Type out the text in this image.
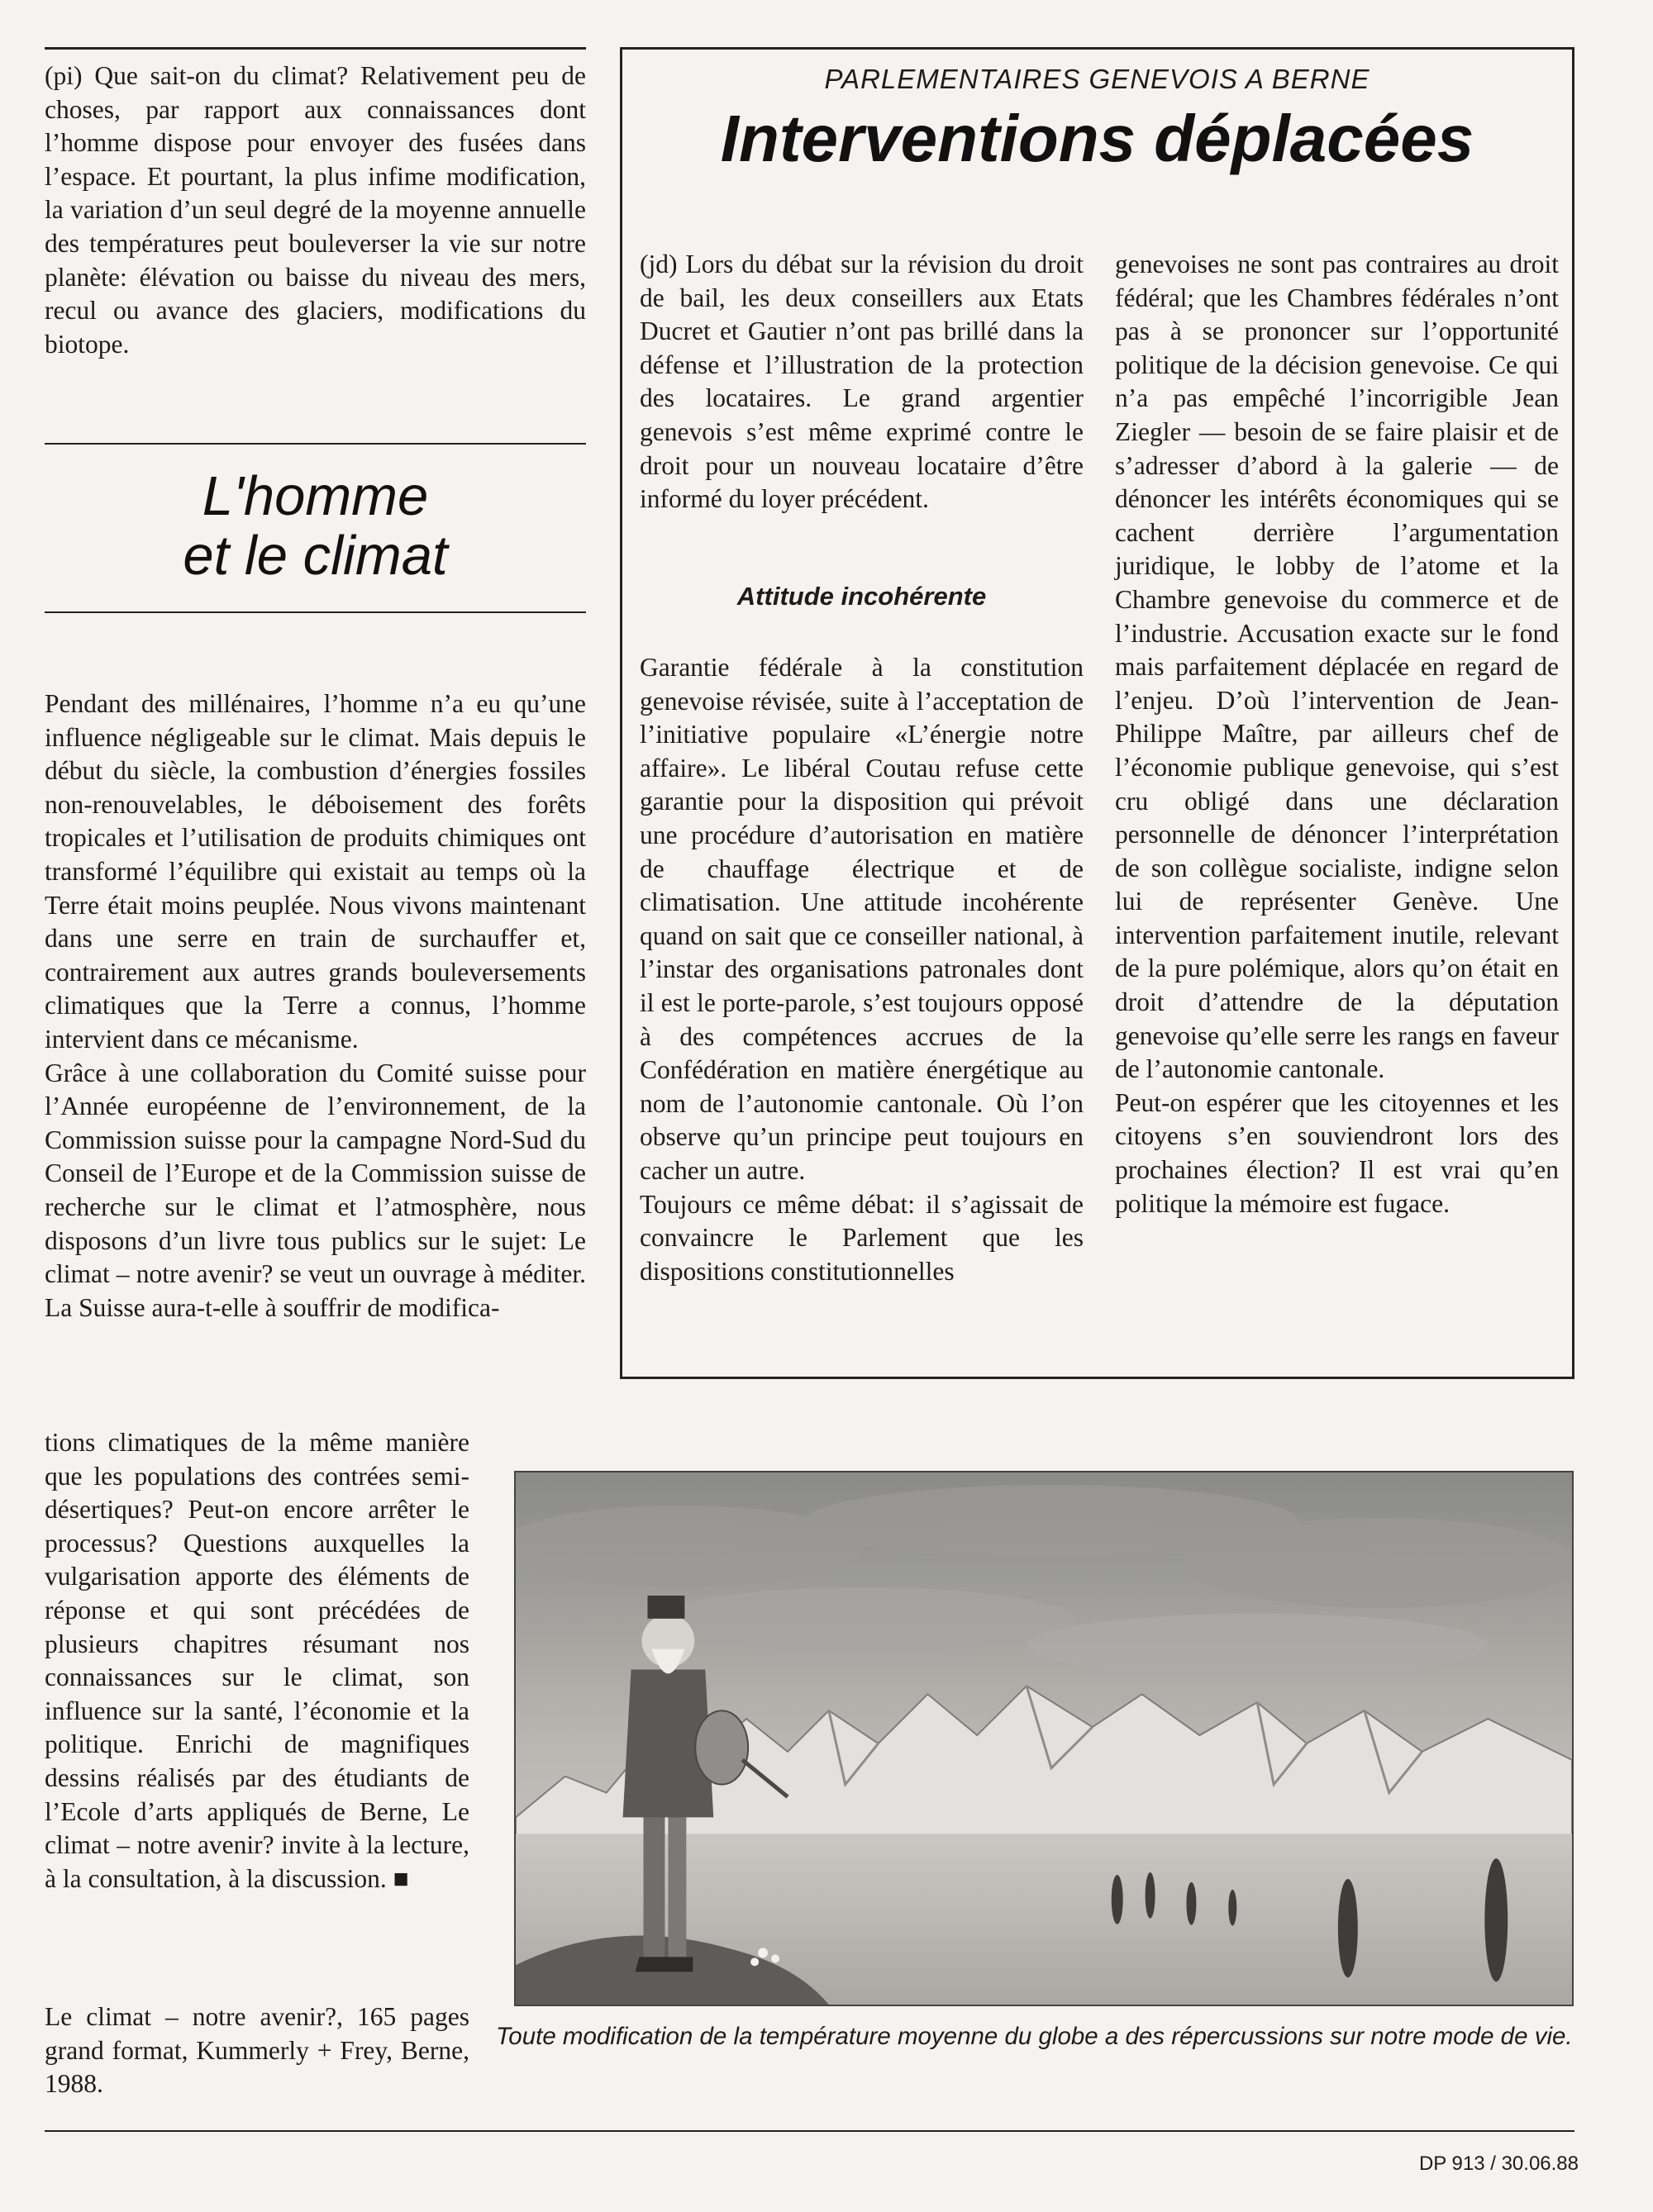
(pi) Que sait-on du climat? Relativement peu de choses, par rapport aux connaissances dont l’homme dispose pour envoyer des fusées dans l’espace. Et pourtant, la plus infime modification, la variation d’un seul degré de la moyenne annuelle des températures peut bouleverser la vie sur notre planète: élévation ou baisse du niveau des mers, recul ou avance des glaciers, modifications du biotope.

L'homme
et le climat

Pendant des millénaires, l’homme n’a eu qu’une influence négligeable sur le climat. Mais depuis le début du siècle, la combustion d’énergies fossiles non-renouvelables, le déboisement des forêts tropicales et l’utilisation de produits chimiques ont transformé l’équilibre qui existait au temps où la Terre était moins peuplée. Nous vivons maintenant dans une serre en train de surchauffer et, contrairement aux autres grands bouleversements climatiques que la Terre a connus, l’homme intervient dans ce mécanisme.

Grâce à une collaboration du Comité suisse pour l’Année européenne de l’environnement, de la Commission suisse pour la campagne Nord-Sud du Conseil de l’Europe et de la Commission suisse de recherche sur le climat et l’atmosphère, nous disposons d’un livre tous publics sur le sujet: Le climat – notre avenir? se veut un ouvrage à méditer. La Suisse aura-t-elle à souffrir de modifica-

tions climatiques de la même manière que les populations des contrées semi-désertiques? Peut-on encore arrêter le processus? Questions auxquelles la vulgarisation apporte des éléments de réponse et qui sont précédées de plusieurs chapitres résumant nos connaissances sur le climat, son influence sur la santé, l’économie et la politique. Enrichi de magnifiques dessins réalisés par des étudiants de l’Ecole d’arts appliqués de Berne, Le climat – notre avenir? invite à la lecture, à la consultation, à la discussion. ■

Le climat – notre avenir?, 165 pages grand format, Kummerly + Frey, Berne, 1988.

PARLEMENTAIRES GENEVOIS A BERNE
Interventions déplacées

(jd) Lors du débat sur la révision du droit de bail, les deux conseillers aux Etats Ducret et Gautier n’ont pas brillé dans la défense et l’illustration de la protection des locataires. Le grand argentier genevois s’est même exprimé contre le droit pour un nouveau locataire d’être informé du loyer précédent.

Attitude incohérente

Garantie fédérale à la constitution genevoise révisée, suite à l’acceptation de l’initiative populaire «L’énergie notre affaire». Le libéral Coutau refuse cette garantie pour la disposition qui prévoit une procédure d’autorisation en matière de chauffage électrique et de climatisation. Une attitude incohérente quand on sait que ce conseiller national, à l’instar des organisations patronales dont il est le porte-parole, s’est toujours opposé à des compétences accrues de la Confédération en matière énergétique au nom de l’autonomie cantonale. Où l’on observe qu’un principe peut toujours en cacher un autre.

Toujours ce même débat: il s’agissait de convaincre le Parlement que les dispositions constitutionnelles

genevoises ne sont pas contraires au droit fédéral; que les Chambres fédérales n’ont pas à se prononcer sur l’opportunité politique de la décision genevoise. Ce qui n’a pas empêché l’incorrigible Jean Ziegler — besoin de se faire plaisir et de s’adresser d’abord à la galerie — de dénoncer les intérêts économiques qui se cachent derrière l’argumentation juridique, le lobby de l’atome et la Chambre genevoise du commerce et de l’industrie. Accusation exacte sur le fond mais parfaitement déplacée en regard de l’enjeu. D’où l’intervention de Jean-Philippe Maître, par ailleurs chef de l’économie publique genevoise, qui s’est cru obligé dans une déclaration personnelle de dénoncer l’interprétation de son collègue socialiste, indigne selon lui de représenter Genève. Une intervention parfaitement inutile, relevant de la pure polémique, alors qu’on était en droit d’attendre de la députation genevoise qu’elle serre les rangs en faveur de l’autonomie cantonale.

Peut-on espérer que les citoyennes et les citoyens s’en souviendront lors des prochaines élection? Il est vrai qu’en politique la mémoire est fugace.

Toute modification de la température moyenne du globe a des répercussions sur notre mode de vie.
DP 913 / 30.06.88
